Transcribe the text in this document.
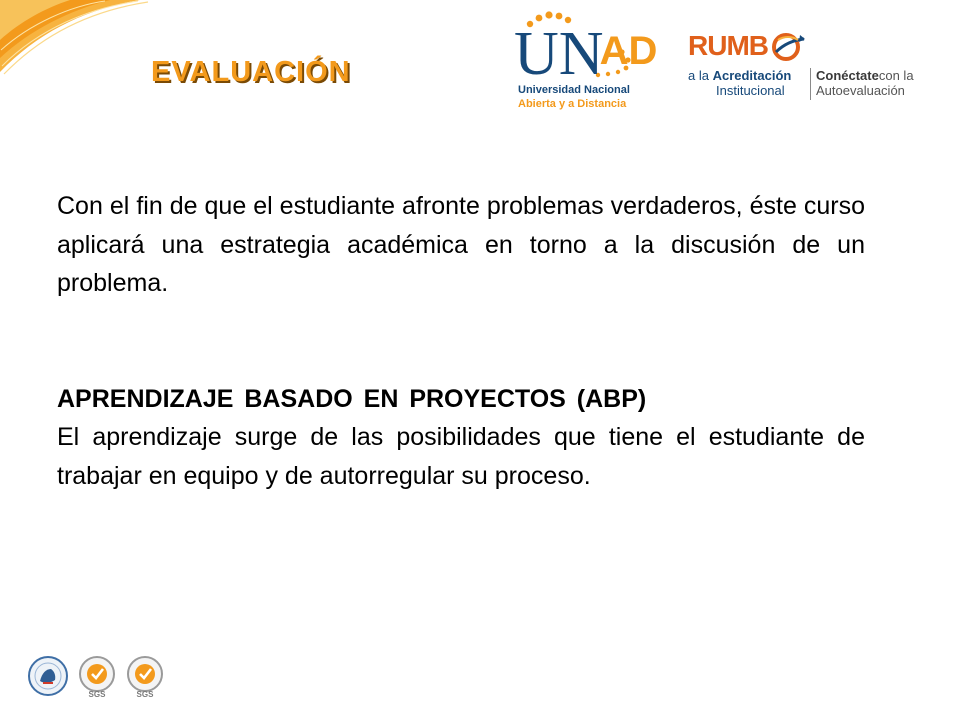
EVALUACIÓN	UNAD
Universidad Nacional
Abierta y a Distancia
RUMB
a la Acreditación
Institucional
Conéctatecon la
Autoevaluación

Con el fin de que el estudiante afronte problemas verdaderos, éste curso aplicará una estrategia académica en torno a la discusión de un problema.

APRENDIZAJE BASADO EN PROYECTOS (ABP)

El aprendizaje surge de las posibilidades que tiene el estudiante de trabajar en equipo y de autorregular su proceso.

SGS	SGS
